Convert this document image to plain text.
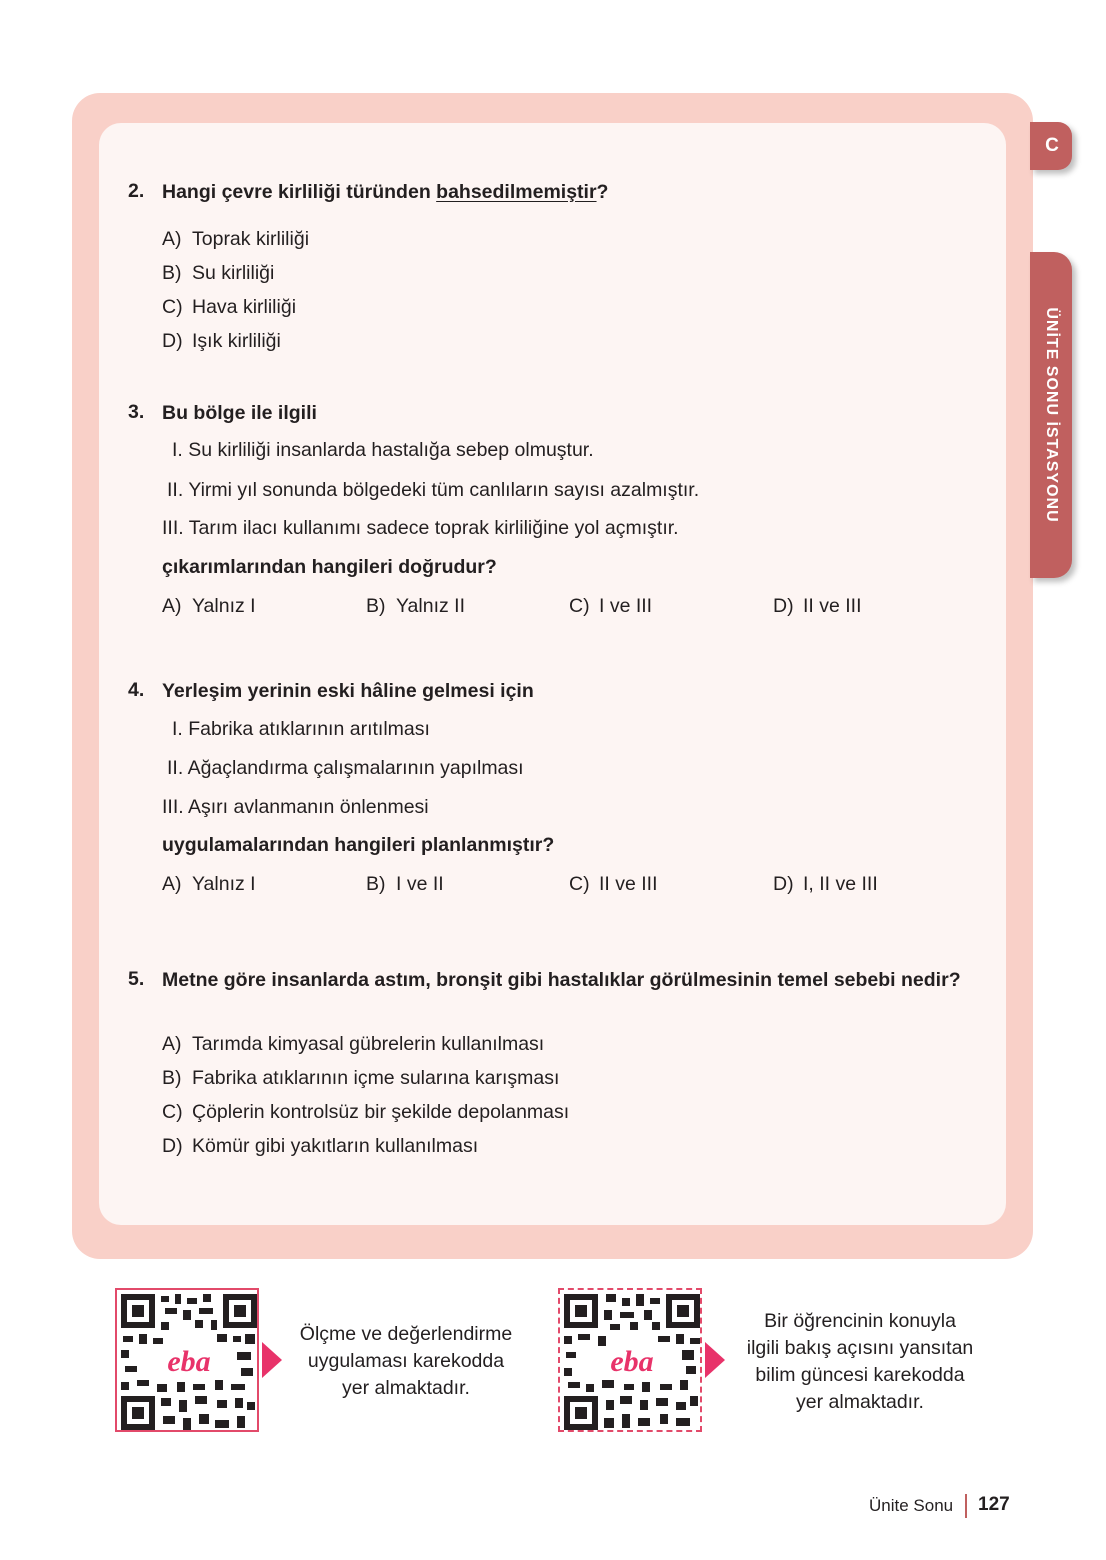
C
ÜNİTE SONU İSTASYONU
2. Hangi çevre kirliliği türünden bahsedilmemiştir?
A) Toprak kirliliği
B) Su kirliliği
C) Hava kirliliği
D) Işık kirliliği
3. Bu bölge ile ilgili
I. Su kirliliği insanlarda hastalığa sebep olmuştur.
II. Yirmi yıl sonunda bölgedeki tüm canlıların sayısı azalmıştır.
III. Tarım ilacı kullanımı sadece toprak kirliliğine yol açmıştır.
çıkarımlarından hangileri doğrudur?
A) Yalnız I	B) Yalnız II	C) I ve III	D) II ve III
4. Yerleşim yerinin eski hâline gelmesi için
I. Fabrika atıklarının arıtılması
II. Ağaçlandırma çalışmalarının yapılması
III. Aşırı avlanmanın önlenmesi
uygulamalarından hangileri planlanmıştır?
A) Yalnız I	B) I ve II	C) II ve III	D) I, II ve III
5. Metne göre insanlarda astım, bronşit gibi hastalıklar görülmesinin temel sebebi nedir?
A) Tarımda kimyasal gübrelerin kullanılması
B) Fabrika atıklarının içme sularına karışması
C) Çöplerin kontrolsüz bir şekilde depolanması
D) Kömür gibi yakıtların kullanılması
eba
Ölçme ve değerlendirme
uygulaması karekodda
yer almaktadır.
eba
Bir öğrencinin konuyla
ilgili bakış açısını yansıtan
bilim güncesi karekodda
yer almaktadır.
Ünite Sonu 127
